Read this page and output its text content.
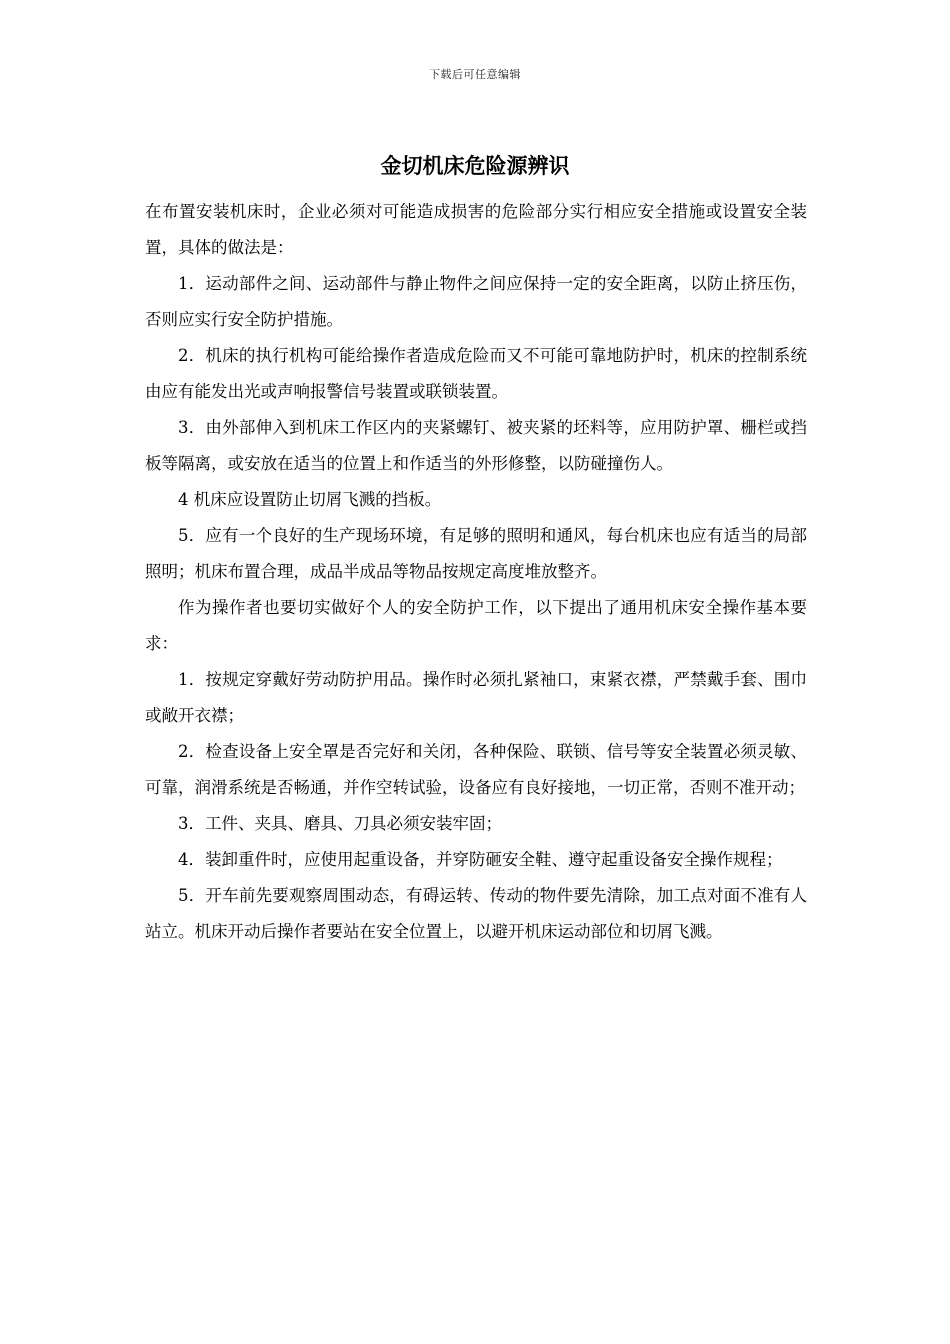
下载后可任意编辑
金切机床危险源辨识

在布置安装机床时，企业必须对可能造成损害的危险部分实行相应安全措施或设置安全装置，具体的做法是：

1．运动部件之间、运动部件与静止物件之间应保持一定的安全距离，以防止挤压伤，否则应实行安全防护措施。

2．机床的执行机构可能给操作者造成危险而又不可能可靠地防护时，机床的控制系统由应有能发出光或声响报警信号装置或联锁装置。

3．由外部伸入到机床工作区内的夹紧螺钉、被夹紧的坯料等，应用防护罩、栅栏或挡板等隔离，或安放在适当的位置上和作适当的外形修整，以防碰撞伤人。

4 机床应设置防止切屑飞溅的挡板。

5．应有一个良好的生产现场环境，有足够的照明和通风，每台机床也应有适当的局部照明；机床布置合理，成品半成品等物品按规定高度堆放整齐。

作为操作者也要切实做好个人的安全防护工作，以下提出了通用机床安全操作基本要求：

1．按规定穿戴好劳动防护用品。操作时必须扎紧袖口，束紧衣襟，严禁戴手套、围巾或敞开衣襟；

2．检查设备上安全罩是否完好和关闭，各种保险、联锁、信号等安全装置必须灵敏、可靠，润滑系统是否畅通，并作空转试验，设备应有良好接地，一切正常，否则不准开动；

3．工件、夹具、磨具、刀具必须安装牢固；

4．装卸重件时，应使用起重设备，并穿防砸安全鞋、遵守起重设备安全操作规程；

5．开车前先要观察周围动态，有碍运转、传动的物件要先清除，加工点对面不准有人站立。机床开动后操作者要站在安全位置上，以避开机床运动部位和切屑飞溅。
